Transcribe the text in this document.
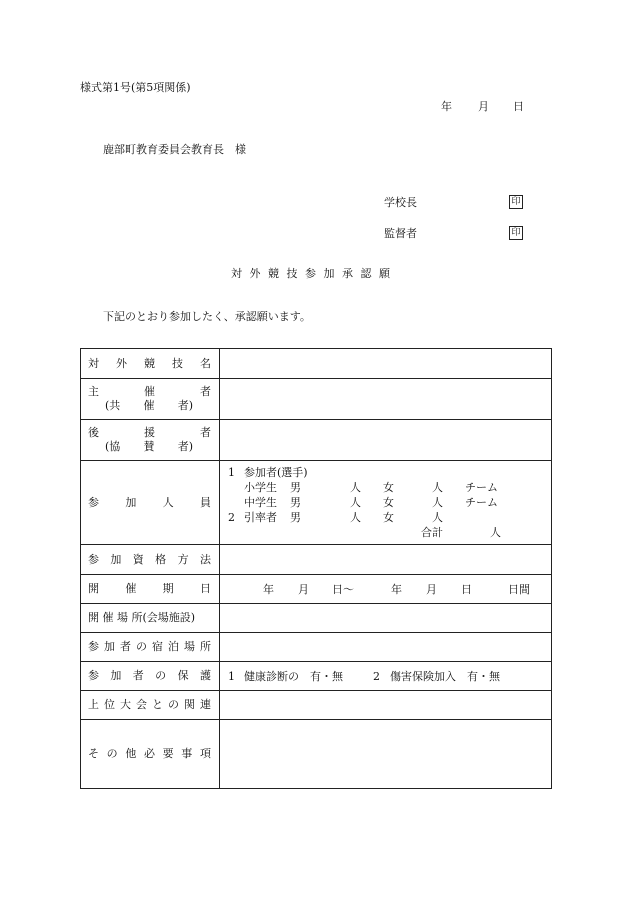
様式第1号(第5項関係)
年 月 日
鹿部町教育委員会教育長　様
学校長	印
監督者	印
対 外 競 技 参 加 承 認 願
下記のとおり参加したく、承認願います。
対 外 競 技 名
主	催	者
(共 催 者)
後	援	者
(協 賛 者)
参 加 人 員
1 参加者(選手)
小学生 男	人 女	人 チーム
中学生 男	人 女	人 チーム
2 引率者 男	人 女	人
合計	人
参 加 資 格 方 法
開 催 期 日	年 月 日〜	年 月 日	日間
開 催 場 所(会場施設)
参 加 者 の 宿 泊 場 所
参 加 者 の 保 護 1 健康診断の　有・無	2 傷害保険加入　有・無
上 位 大 会 と の 関 連
そ の 他 必 要 事 項
